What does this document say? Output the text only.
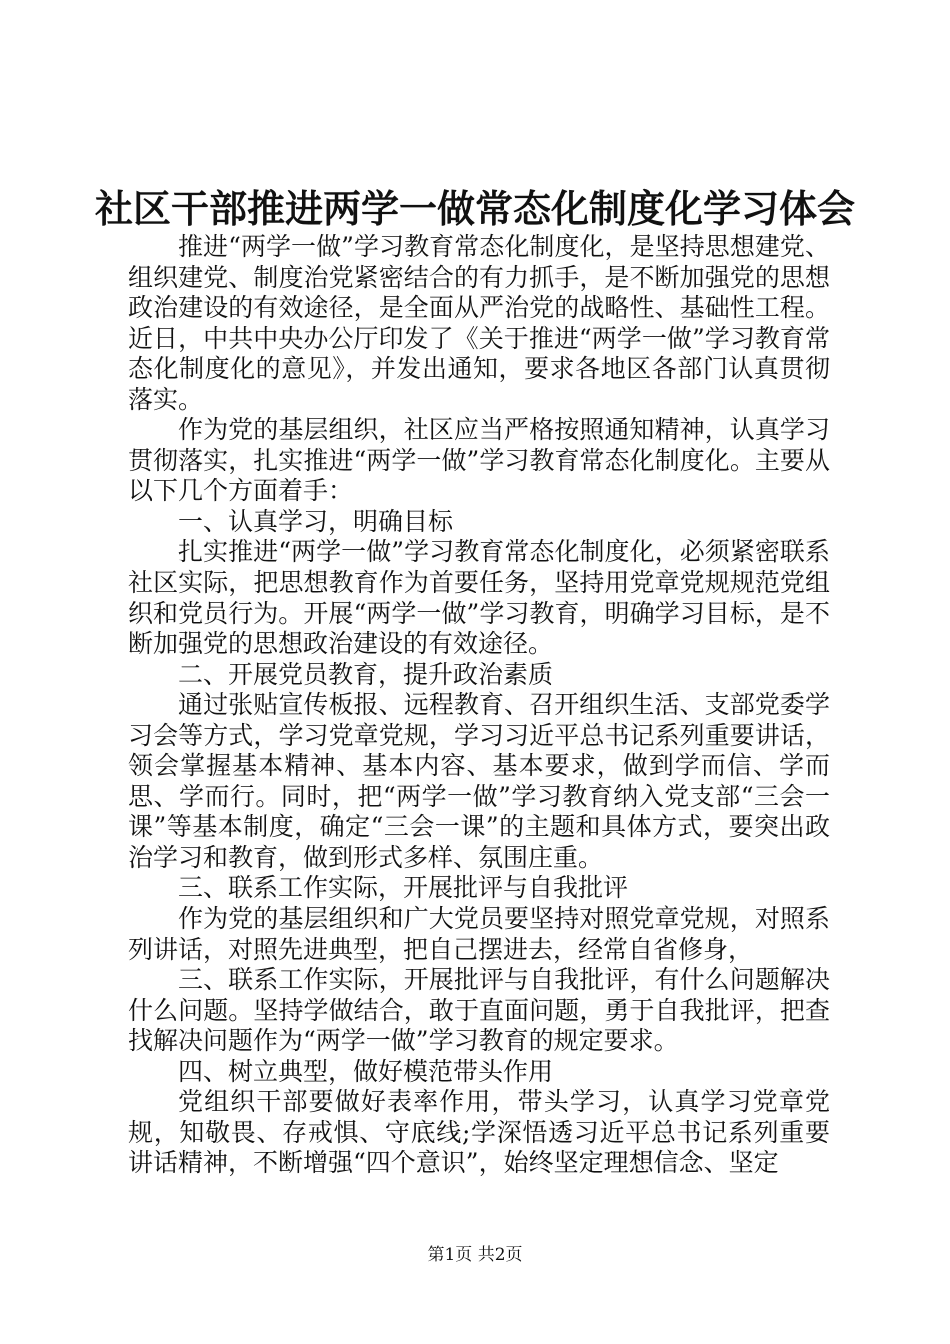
社区干部推进两学一做常态化制度化学习体会

推进“两学一做”学习教育常态化制度化，是坚持思想建党、组织建党、制度治党紧密结合的有力抓手，是不断加强党的思想政治建设的有效途径，是全面从严治党的战略性、基础性工程。近日，中共中央办公厅印发了《关于推进“两学一做”学习教育常态化制度化的意见》，并发出通知，要求各地区各部门认真贯彻落实。

作为党的基层组织，社区应当严格按照通知精神，认真学习贯彻落实，扎实推进“两学一做”学习教育常态化制度化。主要从以下几个方面着手：

一、认真学习，明确目标

扎实推进“两学一做”学习教育常态化制度化，必须紧密联系社区实际，把思想教育作为首要任务，坚持用党章党规规范党组织和党员行为。开展“两学一做”学习教育，明确学习目标，是不断加强党的思想政治建设的有效途径。

二、开展党员教育，提升政治素质

通过张贴宣传板报、远程教育、召开组织生活、支部党委学习会等方式，学习党章党规，学习习近平总书记系列重要讲话，领会掌握基本精神、基本内容、基本要求，做到学而信、学而思、学而行。同时，把“两学一做”学习教育纳入党支部“三会一课”等基本制度，确定“三会一课”的主题和具体方式，要突出政治学习和教育，做到形式多样、氛围庄重。

三、联系工作实际，开展批评与自我批评

作为党的基层组织和广大党员要坚持对照党章党规，对照系列讲话，对照先进典型，把自己摆进去，经常自省修身，

三、联系工作实际，开展批评与自我批评，有什么问题解决什么问题。坚持学做结合，敢于直面问题，勇于自我批评，把查找解决问题作为“两学一做”学习教育的规定要求。

四、树立典型，做好模范带头作用

党组织干部要做好表率作用，带头学习，认真学习党章党规，知敬畏、存戒惧、守底线;学深悟透习近平总书记系列重要讲话精神，不断增强“四个意识”，始终坚定理想信念、坚定

第1页 共2页
